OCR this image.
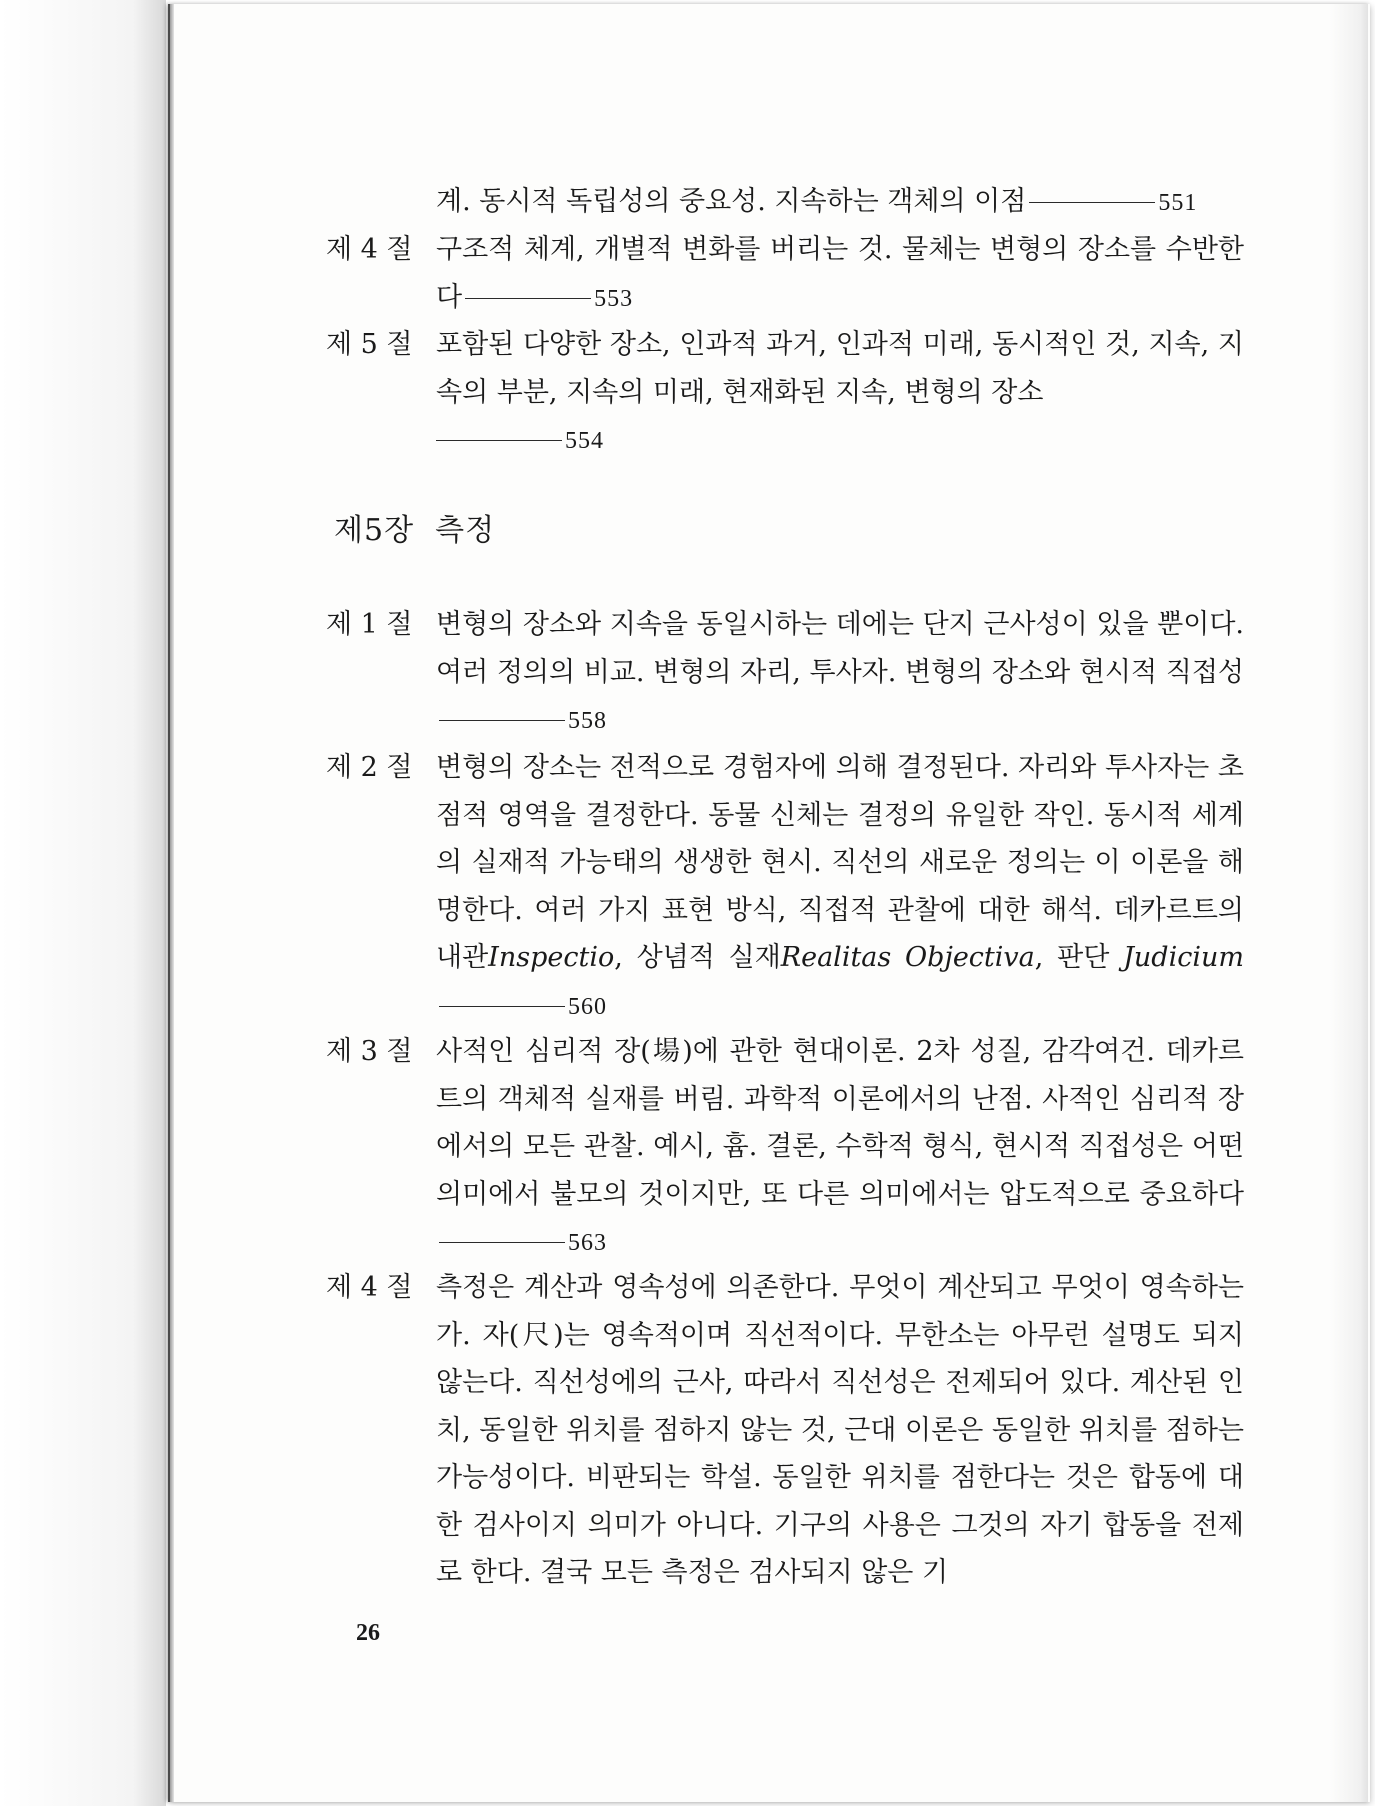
계. 동시적 독립성의 중요성. 지속하는 객체의 이점	551
제 4 절 구조적 체계, 개별적 변화를 버리는 것. 물체는 변형의 장소를 수반한다	553
제 5 절 포함된 다양한 장소, 인과적 과거, 인과적 미래, 동시적인 것, 지속, 지속의 부분, 지속의 미래, 현재화된 지속, 변형의 장소
554
제5장 측정
제 1 절 변형의 장소와 지속을 동일시하는 데에는 단지 근사성이 있을 뿐이다. 여러 정의의 비교. 변형의 자리, 투사자. 변형의 장소와 현시적 직접성558
제 2 절 변형의 장소는 전적으로 경험자에 의해 결정된다. 자리와 투사자는 초점적 영역을 결정한다. 동물 신체는 결정의 유일한 작인. 동시적 세계의 실재적 가능태의 생생한 현시. 직선의 새로운 정의는 이 이론을 해명한다. 여러 가지 표현 방식, 직접적 관찰에 대한 해석. 데카르트의 내관Inspectio, 상념적 실재Realitas Objectiva, 판단 Judicium560
제 3 절 사적인 심리적 장(場)에 관한 현대이론. 2차 성질, 감각여건. 데카르트의 객체적 실재를 버림. 과학적 이론에서의 난점. 사적인 심리적 장에서의 모든 관찰. 예시, 흄. 결론, 수학적 형식, 현시적 직접성은 어떤 의미에서 불모의 것이지만, 또 다른 의미에서는 압도적으로 중요하다563
제 4 절 측정은 계산과 영속성에 의존한다. 무엇이 계산되고 무엇이 영속하는가. 자(尺)는 영속적이며 직선적이다. 무한소는 아무런 설명도 되지 않는다. 직선성에의 근사, 따라서 직선성은 전제되어 있다. 계산된 인치, 동일한 위치를 점하지 않는 것, 근대 이론은 동일한 위치를 점하는 가능성이다. 비판되는 학설. 동일한 위치를 점한다는 것은 합동에 대한 검사이지 의미가 아니다. 기구의 사용은 그것의 자기 합동을 전제로 한다. 결국 모든 측정은 검사되지 않은 기
26
